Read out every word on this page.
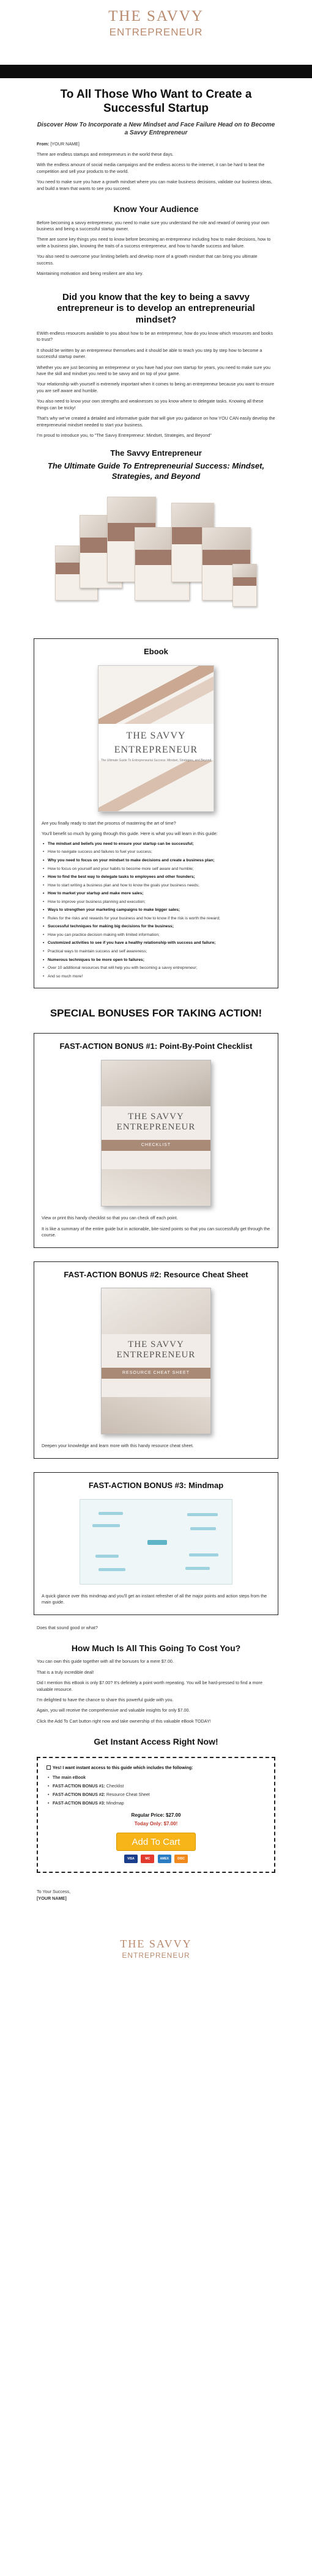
THE SAVVY
ENTREPRENEUR
To All Those Who Want to Create a Successful Startup
Discover How To Incorporate a New Mindset and Face Failure Head on to Become a Savvy Entrepreneur

From: [YOUR NAME]

There are endless startups and entrepreneurs in the world these days.

With the endless amount of social media campaigns and the endless access to the internet, it can be hard to beat the competition and sell your products to the world.

You need to make sure you have a growth mindset where you can make business decisions, validate our business ideas, and build a team that wants to see you succeed.

Know Your Audience

Before becoming a savvy entrepreneur, you need to make sure you understand the role and reward of owning your own business and being a successful startup owner.

There are some key things you need to know before becoming an entrepreneur including how to make decisions, how to write a business plan, knowing the traits of a success entrepreneur, and how to handle success and failure.

You also need to overcome your limiting beliefs and develop more of a growth mindset that can bring you ultimate success.

Maintaining motivation and being resilient are also key.

Did you know that the key to being a savvy entrepreneur is to develop an entrepreneurial mindset?

EWith endless resources available to you about how to be an entrepreneur, how do you know which resources and books to trust?

It should be written by an entrepreneur themselves and it should be able to teach you step by step how to become a successful startup owner.

Whether you are just becoming an entrepreneur or you have had your own startup for years, you need to make sure you have the skill and mindset you need to be savvy and on top of your game.

Your relationship with yourself is extremely important when it comes to being an entrepreneur because you want to ensure you are self aware and humble.

You also need to know your own strengths and weaknesses so you know where to delegate tasks. Knowing all these things can be tricky!

That's why we’ve created a detailed and informative guide that will give you guidance on how YOU CAN easily develop the entrepreneurial mindset needed to start your business.

I'm proud to introduce you, to "The Savvy Entrepreneur: Mindset, Strategies, and Beyond"

The Savvy Entrepreneur
The Ultimate Guide To Entrepreneurial Success: Mindset, Strategies, and Beyond
Ebook
THE SAVVY ENTREPRENEUR
The Ultimate Guide To Entrepreneurial Success: Mindset, Strategies, and Beyond

Are you finally ready to start the process of mastering the art of time?

You'll benefit so much by going through this guide. Here is what you will learn in this guide:

• The mindset and beliefs you need to ensure your startup can be successful;
• How to navigate success and failures to fuel your success;
• Why you need to focus on your mindset to make decisions and create a business plan;
• How to focus on yourself and your habits to become more self aware and humble;
• How to find the best way to delegate tasks to employees and other founders;
• How to start writing a business plan and how to know the goals your business needs;
• How to market your startup and make more sales;
• How to improve your business planning and execution;
• Ways to strengthen your marketing campaigns to make bigger sales;
• Rules for the risks and rewards for your business and how to know if the risk is worth the reward;
• Successful techniques for making big decisions for the business;
• How you can practice decision making with limited information;
• Customized activities to see if you have a healthy relationship with success and failure;
• Practical ways to maintain success and self awareness;
• Numerous techniques to be more open to failures;
• Over 10 additional resources that will help you with becoming a savvy entrepreneur;
• And so much more!
SPECIAL BONUSES FOR TAKING ACTION!
FAST-ACTION BONUS #1: Point-By-Point Checklist
THE SAVVY ENTREPRENEUR
CHECKLIST

View or print this handy checklist so that you can check off each point.

It is like a summary of the entire guide but in actionable, bite-sized points so that you can successfully get through the course.

FAST-ACTION BONUS #2: Resource Cheat Sheet
THE SAVVY ENTREPRENEUR
RESOURCE CHEAT SHEET

Deepen your knowledge and learn more with this handy resource cheat sheet.

FAST-ACTION BONUS #3: Mindmap

A quick glance over this mindmap and you'll get an instant refresher of all the major points and action steps from the main guide.

Does that sound good or what?

How Much Is All This Going To Cost You?

You can own this guide together with all the bonuses for a mere $7.00.

That is a truly incredible deal!

Did I mention this eBook is only $7.00? It's definitely a point worth repeating. You will be hard-pressed to find a more valuable resource.

I'm delighted to have the chance to share this powerful guide with you.

Again, you will receive the comprehensive and valuable insights for only $7.00.

Click the Add To Cart button right now and take ownership of this valuable eBook TODAY!

Get Instant Access Right Now!
Yes! I want instant access to this guide which includes the following:
• The main eBook
• FAST-ACTION BONUS #1: Checklist
• FAST-ACTION BONUS #2: Resource Cheat Sheet
• FAST-ACTION BONUS #3: Mindmap
Regular Price: $27.00
Today Only: $7.00!
Add To Cart
VISA	MC	AMEX	DISC

To Your Success,

[YOUR NAME]

THE SAVVY
ENTREPRENEUR
